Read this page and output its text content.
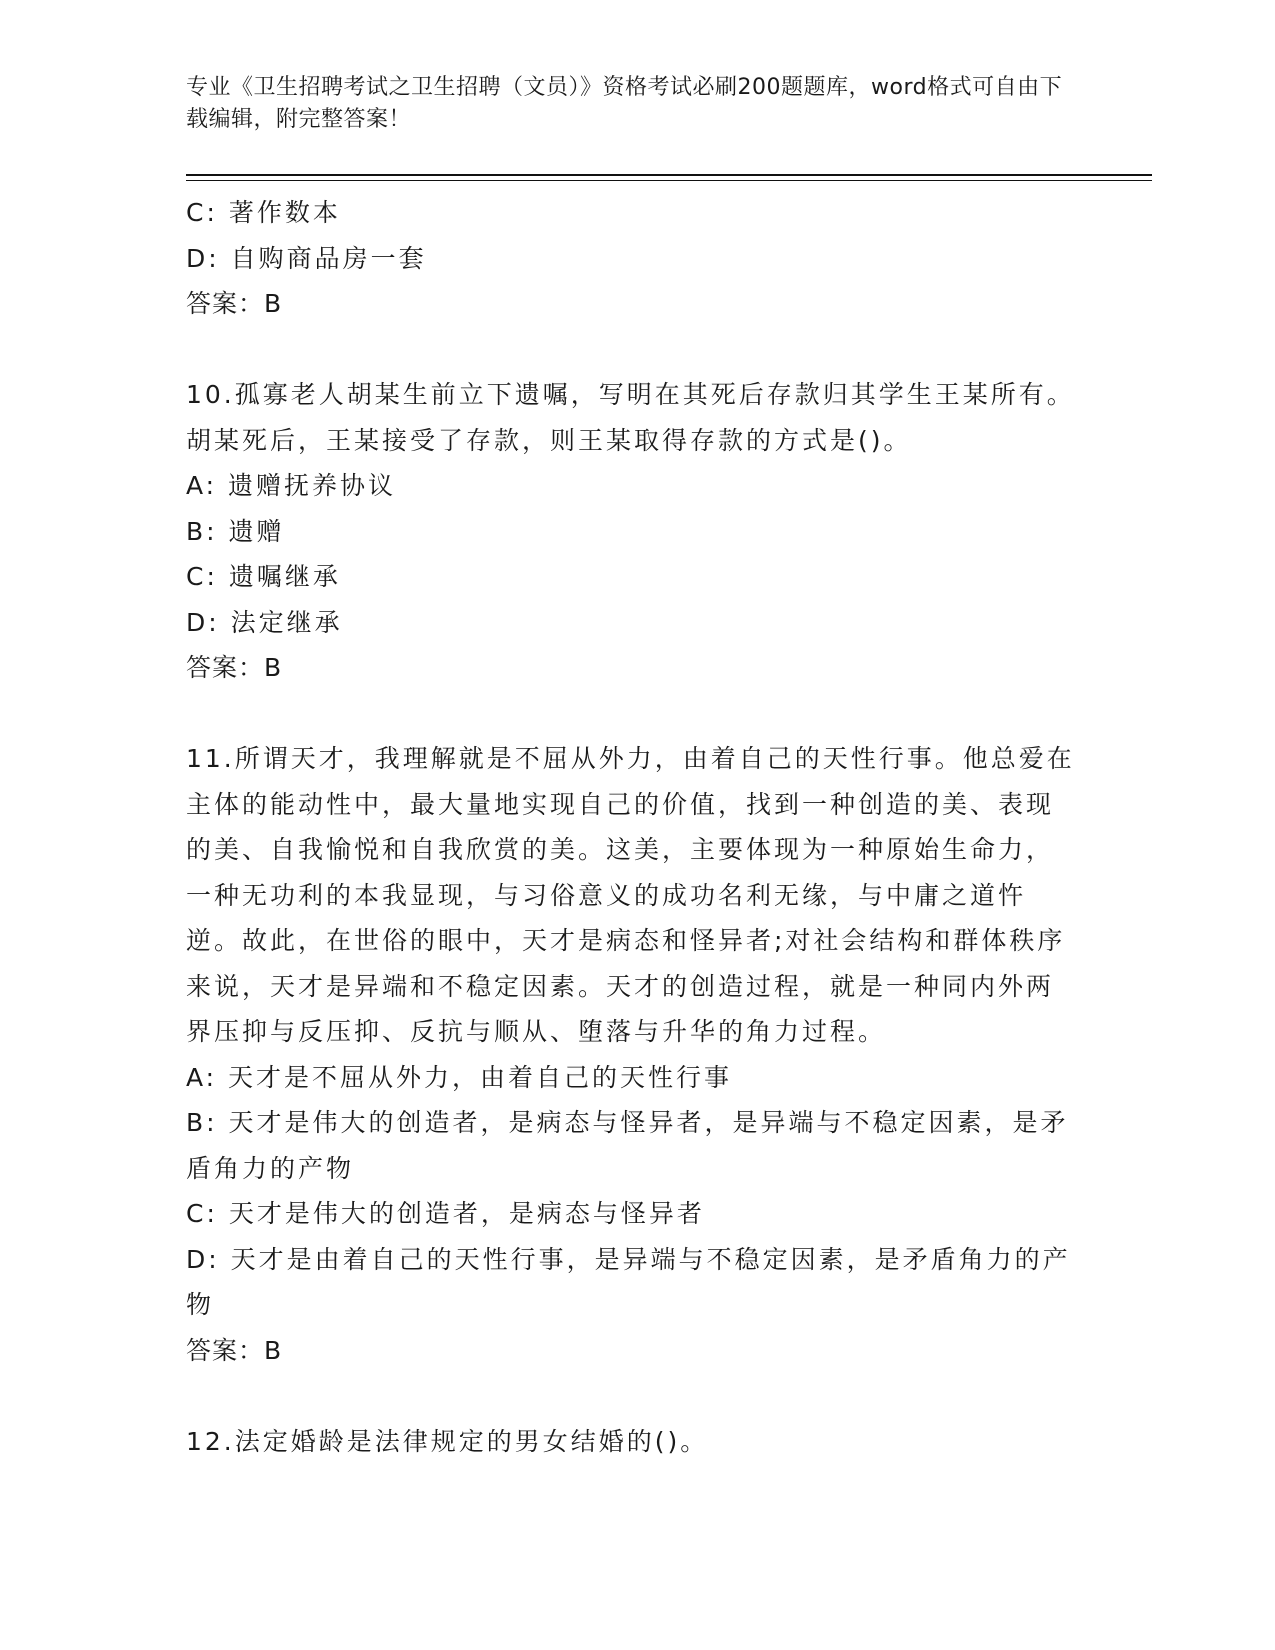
专业《卫生招聘考试之卫生招聘（文员）》资格考试必刷200题题库，word格式可自由下载编辑，附完整答案！
C: 著作数本
D: 自购商品房一套
答案：B
10.孤寡老人胡某生前立下遗嘱，写明在其死后存款归其学生王某所有。胡某死后，王某接受了存款，则王某取得存款的方式是()。
A: 遗赠抚养协议
B: 遗赠
C: 遗嘱继承
D: 法定继承
答案：B
11.所谓天才，我理解就是不屈从外力，由着自己的天性行事。他总爱在主体的能动性中，最大量地实现自己的价值，找到一种创造的美、表现的美、自我愉悦和自我欣赏的美。这美，主要体现为一种原始生命力，一种无功利的本我显现，与习俗意义的成功名利无缘，与中庸之道忤逆。故此，在世俗的眼中，天才是病态和怪异者;对社会结构和群体秩序来说，天才是异端和不稳定因素。天才的创造过程，就是一种同内外两界压抑与反压抑、反抗与顺从、堕落与升华的角力过程。
A: 天才是不屈从外力，由着自己的天性行事
B: 天才是伟大的创造者，是病态与怪异者，是异端与不稳定因素，是矛盾角力的产物
C: 天才是伟大的创造者，是病态与怪异者
D: 天才是由着自己的天性行事，是异端与不稳定因素，是矛盾角力的产物
答案：B
12.法定婚龄是法律规定的男女结婚的()。
